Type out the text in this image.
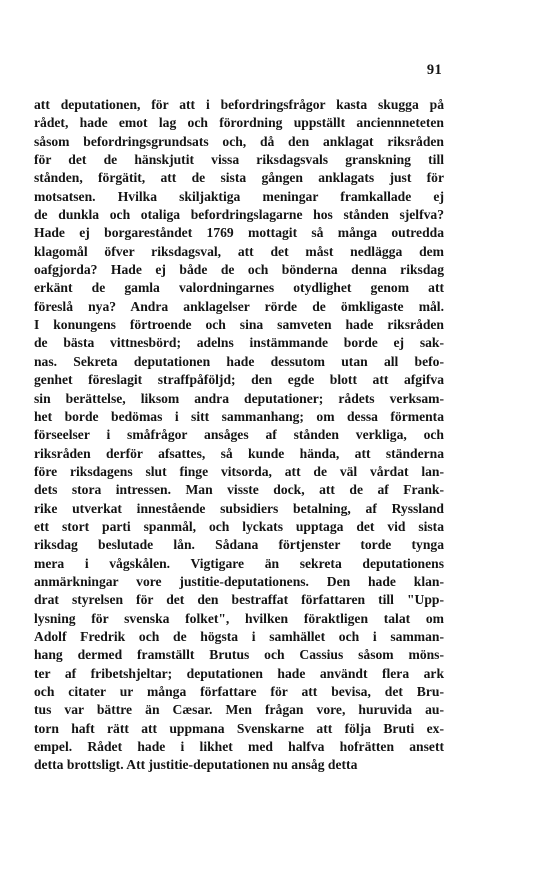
91
att deputationen, för att i befordringsfrågor kasta skugga på
rådet, hade emot lag och förordning uppställt anciennneteten
såsom befordringsgrundsats och, då den anklagat riksråden
för det de hänskjutit vissa riksdagsvals granskning till
stånden, förgätit, att de sista gången anklagats just för
motsatsen. Hvilka skiljaktiga meningar framkallade ej
de dunkla och otaliga befordringslagarne hos stånden sjelfva?
Hade ej borgareståndet 1769 mottagit så många outredda
klagomål öfver riksdagsval, att det måst nedlägga dem
oafgjorda? Hade ej både de och bönderna denna riksdag
erkänt de gamla valordningarnes otydlighet genom att
föreslå nya? Andra anklagelser rörde de ömkligaste mål.
I konungens förtroende och sina samveten hade riksråden
de bästa vittnesbörd; adelns instämmande borde ej sak-
nas. Sekreta deputationen hade dessutom utan all befo-
genhet föreslagit straffpåföljd; den egde blott att afgifva
sin berättelse, liksom andra deputationer; rådets verksam-
het borde bedömas i sitt sammanhang; om dessa förmenta
förseelser i småfrågor ansåges af stånden verkliga, och
riksråden derför afsattes, så kunde hända, att ständerna
före riksdagens slut finge vitsorda, att de väl vårdat lan-
dets stora intressen. Man visste dock, att de af Frank-
rike utverkat innestående subsidiers betalning, af Ryssland
ett stort parti spanmål, och lyckats upptaga det vid sista
riksdag beslutade lån. Sådana förtjenster torde tynga
mera i vågskålen. Vigtigare än sekreta deputationens
anmärkningar vore justitie-deputationens. Den hade klan-
drat styrelsen för det den bestraffat författaren till "Upp-
lysning för svenska folket", hvilken föraktligen talat om
Adolf Fredrik och de högsta i samhället och i samman-
hang dermed framställt Brutus och Cassius såsom möns-
ter af fribetshjeltar; deputationen hade användt flera ark
och citater ur många författare för att bevisa, det Bru-
tus var bättre än Cæsar. Men frågan vore, huruvida au-
torn haft rätt att uppmana Svenskarne att följa Bruti ex-
empel. Rådet hade i likhet med halfva hofrätten ansett
detta brottsligt. Att justitie-deputationen nu ansåg detta
